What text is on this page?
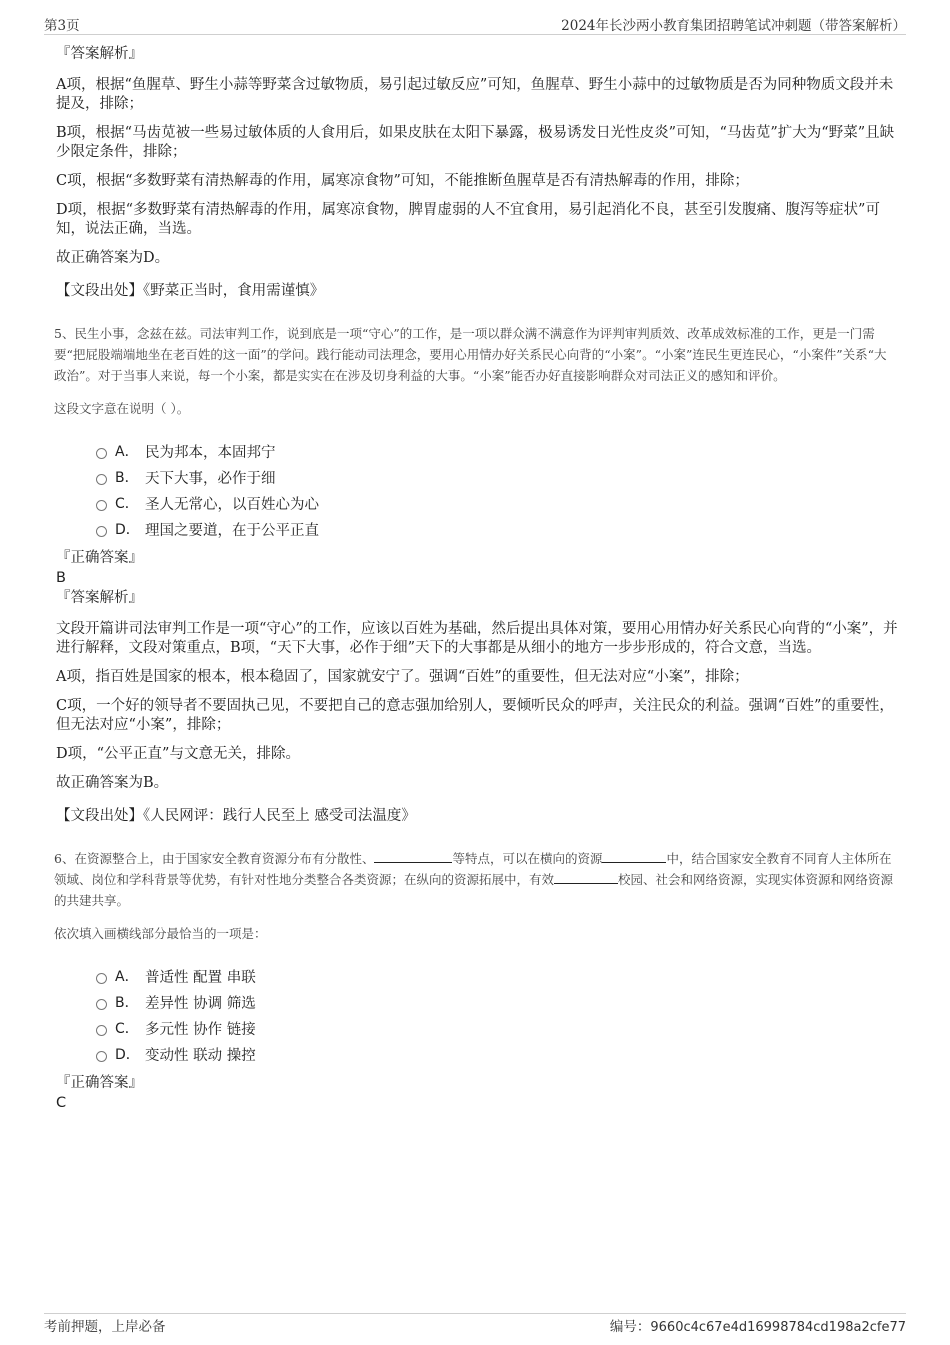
第3页	2024年长沙两小教育集团招聘笔试冲刺题（带答案解析）
『答案解析』
A项，根据“鱼腥草、野生小蒜等野菜含过敏物质，易引起过敏反应”可知，鱼腥草、野生小蒜中的过敏物质是否为同种物质文段并未提及，排除；
B项，根据“马齿苋被一些易过敏体质的人食用后，如果皮肤在太阳下暴露，极易诱发日光性皮炎”可知，“马齿苋”扩大为“野菜”且缺少限定条件，排除；
C项，根据“多数野菜有清热解毒的作用，属寒凉食物”可知，不能推断鱼腥草是否有清热解毒的作用，排除；
D项，根据“多数野菜有清热解毒的作用，属寒凉食物，脾胃虚弱的人不宜食用，易引起消化不良，甚至引发腹痛、腹泻等症状”可知，说法正确，当选。
故正确答案为D。
【文段出处】《野菜正当时，食用需谨慎》
5、民生小事，念兹在兹。司法审判工作，说到底是一项“守心”的工作，是一项以群众满不满意作为评判审判质效、改革成效标准的工作，更是一门需要“把屁股端端地坐在老百姓的这一面”的学问。践行能动司法理念，要用心用情办好关系民心向背的“小案”。“小案”连民生更连民心，“小案件”关系“大政治”。对于当事人来说，每一个小案，都是实实在在涉及切身利益的大事。“小案”能否办好直接影响群众对司法正义的感知和评价。
这段文字意在说明（ ）。
A． 民为邦本，本固邦宁
B． 天下大事，必作于细
C． 圣人无常心，以百姓心为心
D． 理国之要道，在于公平正直
『正确答案』
B
『答案解析』
文段开篇讲司法审判工作是一项“守心”的工作，应该以百姓为基础，然后提出具体对策，要用心用情办好关系民心向背的“小案”，并进行解释，文段对策重点，B项，“天下大事，必作于细”天下的大事都是从细小的地方一步步形成的，符合文意，当选。
A项，指百姓是国家的根本，根本稳固了，国家就安宁了。强调“百姓”的重要性，但无法对应“小案”，排除；
C项，一个好的领导者不要固执己见，不要把自己的意志强加给别人，要倾听民众的呼声，关注民众的利益。强调“百姓”的重要性，但无法对应“小案”，排除；
D项，“公平正直”与文意无关，排除。
故正确答案为B。
【文段出处】《人民网评：践行人民至上 感受司法温度》
6、在资源整合上，由于国家安全教育资源分布有分散性、	等特点，可以在横向的资源	中，结合国家安全教育不同育人主体所在领域、岗位和学科背景等优势，有针对性地分类整合各类资源；在纵向的资源拓展中，有效	校园、社会和网络资源，实现实体资源和网络资源的共建共享。
依次填入画横线部分最恰当的一项是：
A． 普适性 配置 串联
B． 差异性 协调 筛选
C． 多元性 协作 链接
D． 变动性 联动 操控
『正确答案』
C
考前押题，上岸必备	编号：9660c4c67e4d16998784cd198a2cfe77
